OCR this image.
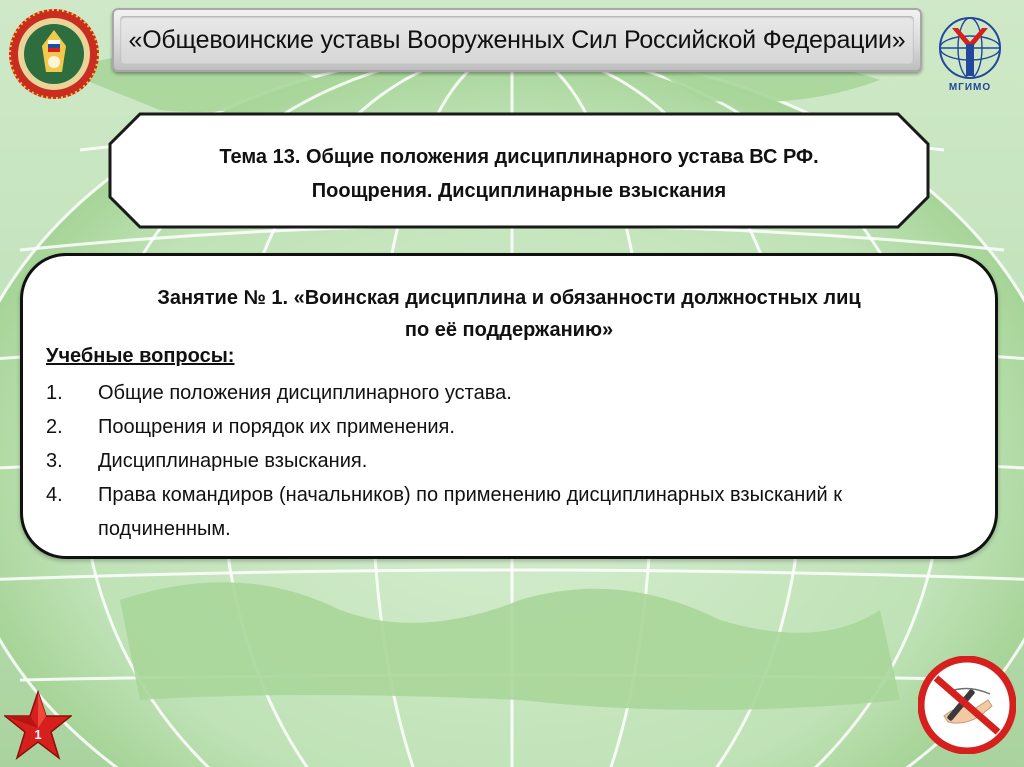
«Общевоинские уставы Вооруженных Сил Российской Федерации»
МГИМО
Тема 13. Общие положения дисциплинарного устава ВС РФ.
Поощрения. Дисциплинарные взыскания
Занятие № 1. «Воинская дисциплина и обязанности должностных лиц
по её поддержанию»
Учебные вопросы:
1.	Общие положения дисциплинарного устава.
2.	Поощрения и порядок их применения.
3.	Дисциплинарные взыскания.
4.	Права командиров (начальников) по применению дисциплинарных взысканий к подчиненным.
1
